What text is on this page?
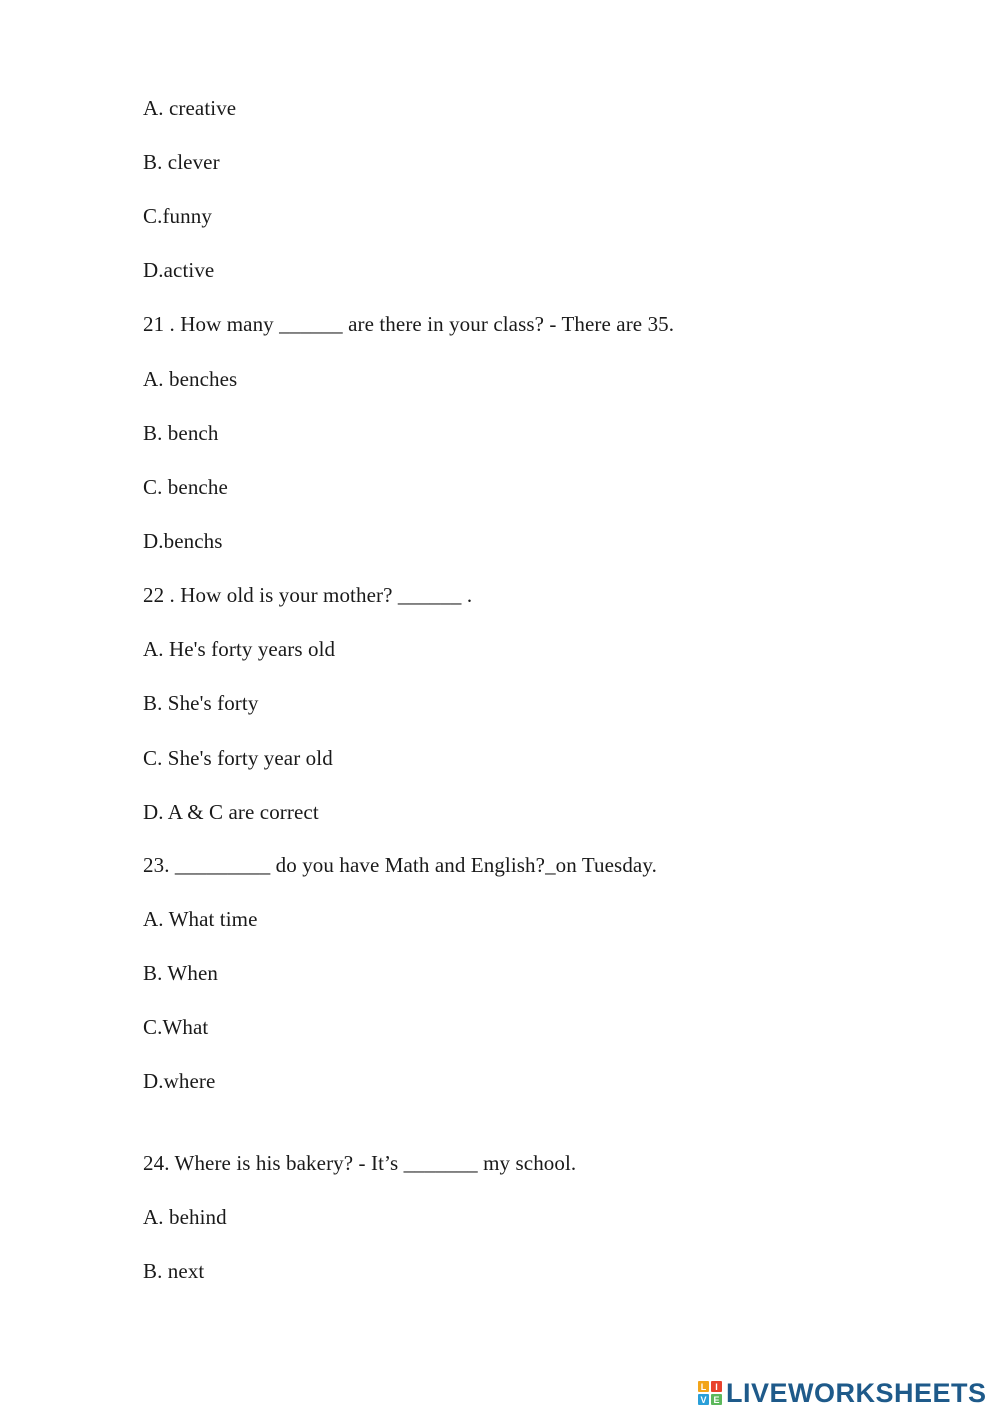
A. creative
B. clever
C.funny
D.active
21 . How many ______ are there in your class? - There are 35.
A. benches
B. bench
C. benche
D.benchs
22 . How old is your mother? ______ .
A. He's forty years old
B. She's forty
C. She's forty year old
D. A & C are correct
23. _________ do you have Math and English?_on Tuesday.
A. What time
B. When
C.What
D.where
24. Where is his bakery? - It’s _______ my school.
A. behind
B. next
L I
V E LIVEWORKSHEETS
